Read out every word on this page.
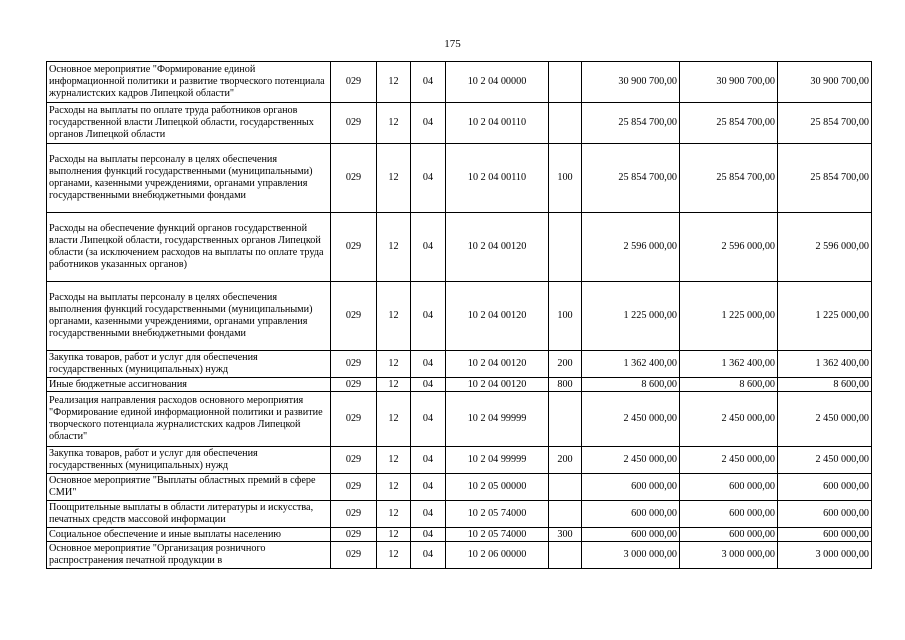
175
Основное мероприятие "Формирование единой информационной политики и развитие творческого потенциала журналистских кадров Липецкой области"	029	12	04	10 2 04 00000		30 900 700,00	30 900 700,00	30 900 700,00
Расходы на выплаты по оплате труда работников органов государственной власти Липецкой области, государственных органов Липецкой области	029	12	04	10 2 04 00110		25 854 700,00	25 854 700,00	25 854 700,00
Расходы на выплаты персоналу в целях обеспечения выполнения функций государственными (муниципальными) органами, казенными учреждениями, органами управления государственными внебюджетными фондами	029	12	04	10 2 04 00110	100	25 854 700,00	25 854 700,00	25 854 700,00
Расходы на обеспечение функций органов государственной власти Липецкой области, государственных органов Липецкой области (за исключением расходов на выплаты по оплате труда работников указанных органов)	029	12	04	10 2 04 00120		2 596 000,00	2 596 000,00	2 596 000,00
Расходы на выплаты персоналу в целях обеспечения выполнения функций государственными (муниципальными) органами, казенными учреждениями, органами управления государственными внебюджетными фондами	029	12	04	10 2 04 00120	100	1 225 000,00	1 225 000,00	1 225 000,00
Закупка товаров, работ и услуг для обеспечения государственных (муниципальных) нужд	029	12	04	10 2 04 00120	200	1 362 400,00	1 362 400,00	1 362 400,00
Иные бюджетные ассигнования	029	12	04	10 2 04 00120	800	8 600,00	8 600,00	8 600,00
Реализация направления расходов основного мероприятия "Формирование единой информационной политики и развитие творческого потенциала журналистских кадров Липецкой области"	029	12	04	10 2 04 99999		2 450 000,00	2 450 000,00	2 450 000,00
Закупка товаров, работ и услуг для обеспечения государственных (муниципальных) нужд	029	12	04	10 2 04 99999	200	2 450 000,00	2 450 000,00	2 450 000,00
Основное мероприятие "Выплаты областных премий в сфере СМИ"	029	12	04	10 2 05 00000		600 000,00	600 000,00	600 000,00
Поощрительные выплаты в области литературы и искусства, печатных средств массовой информации	029	12	04	10 2 05 74000		600 000,00	600 000,00	600 000,00
Социальное обеспечение и иные выплаты населению	029	12	04	10 2 05 74000	300	600 000,00	600 000,00	600 000,00
Основное мероприятие "Организация розничного распространения печатной продукции в	029	12	04	10 2 06 00000		3 000 000,00	3 000 000,00	3 000 000,00
